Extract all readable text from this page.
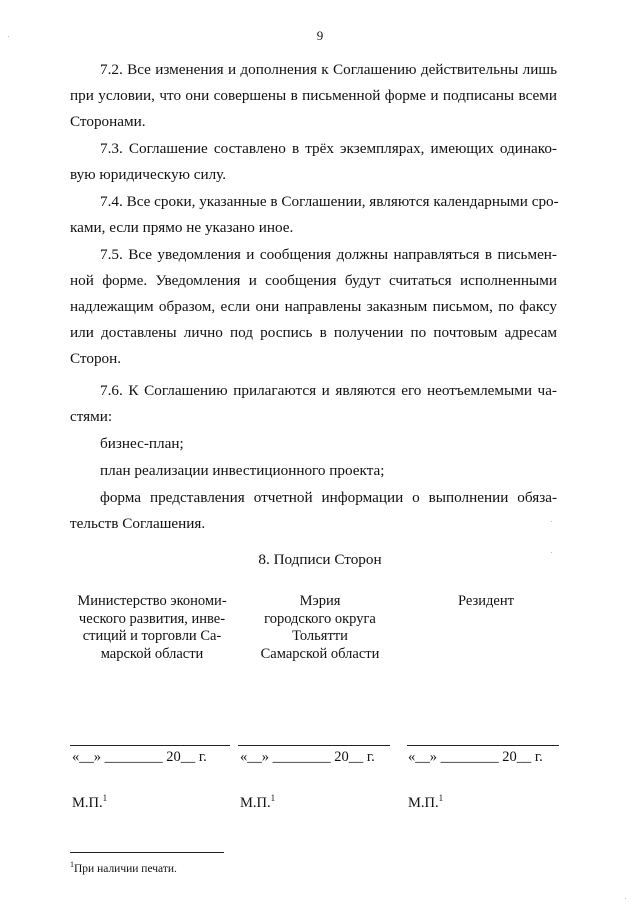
9
7.2. Все изменения и дополнения к Соглашению действительны лишь
при условии, что они совершены в письменной форме и подписаны всеми
Сторонами.
7.3. Соглашение составлено в трёх экземплярах, имеющих одинако-
вую юридическую силу.
7.4. Все сроки, указанные в Соглашении, являются календарными сро-
ками, если прямо не указано иное.
7.5. Все уведомления и сообщения должны направляться в письмен-
ной форме. Уведомления и сообщения будут считаться исполненными
надлежащим образом, если они направлены заказным письмом, по факсу
или доставлены лично под роспись в получении по почтовым адресам
Сторон.
7.6. К Соглашению прилагаются и являются его неотъемлемыми ча-
стями:
бизнес-план;
план реализации инвестиционного проекта;
форма представления отчетной информации о выполнении обяза-
тельств Соглашения.
8. Подписи Сторон
Министерство экономи-
ческого развития, инве-
стиций и торговли Са-
марской области
Мэрия
городского округа
Тольятти
Самарской области
Резидент
«__» ________ 20__ г. «__» ________ 20__ г. «__» ________ 20__ г.
М.П.$^1$	М.П.$^1$	М.П.$^1$
$^1$При наличии печати.
